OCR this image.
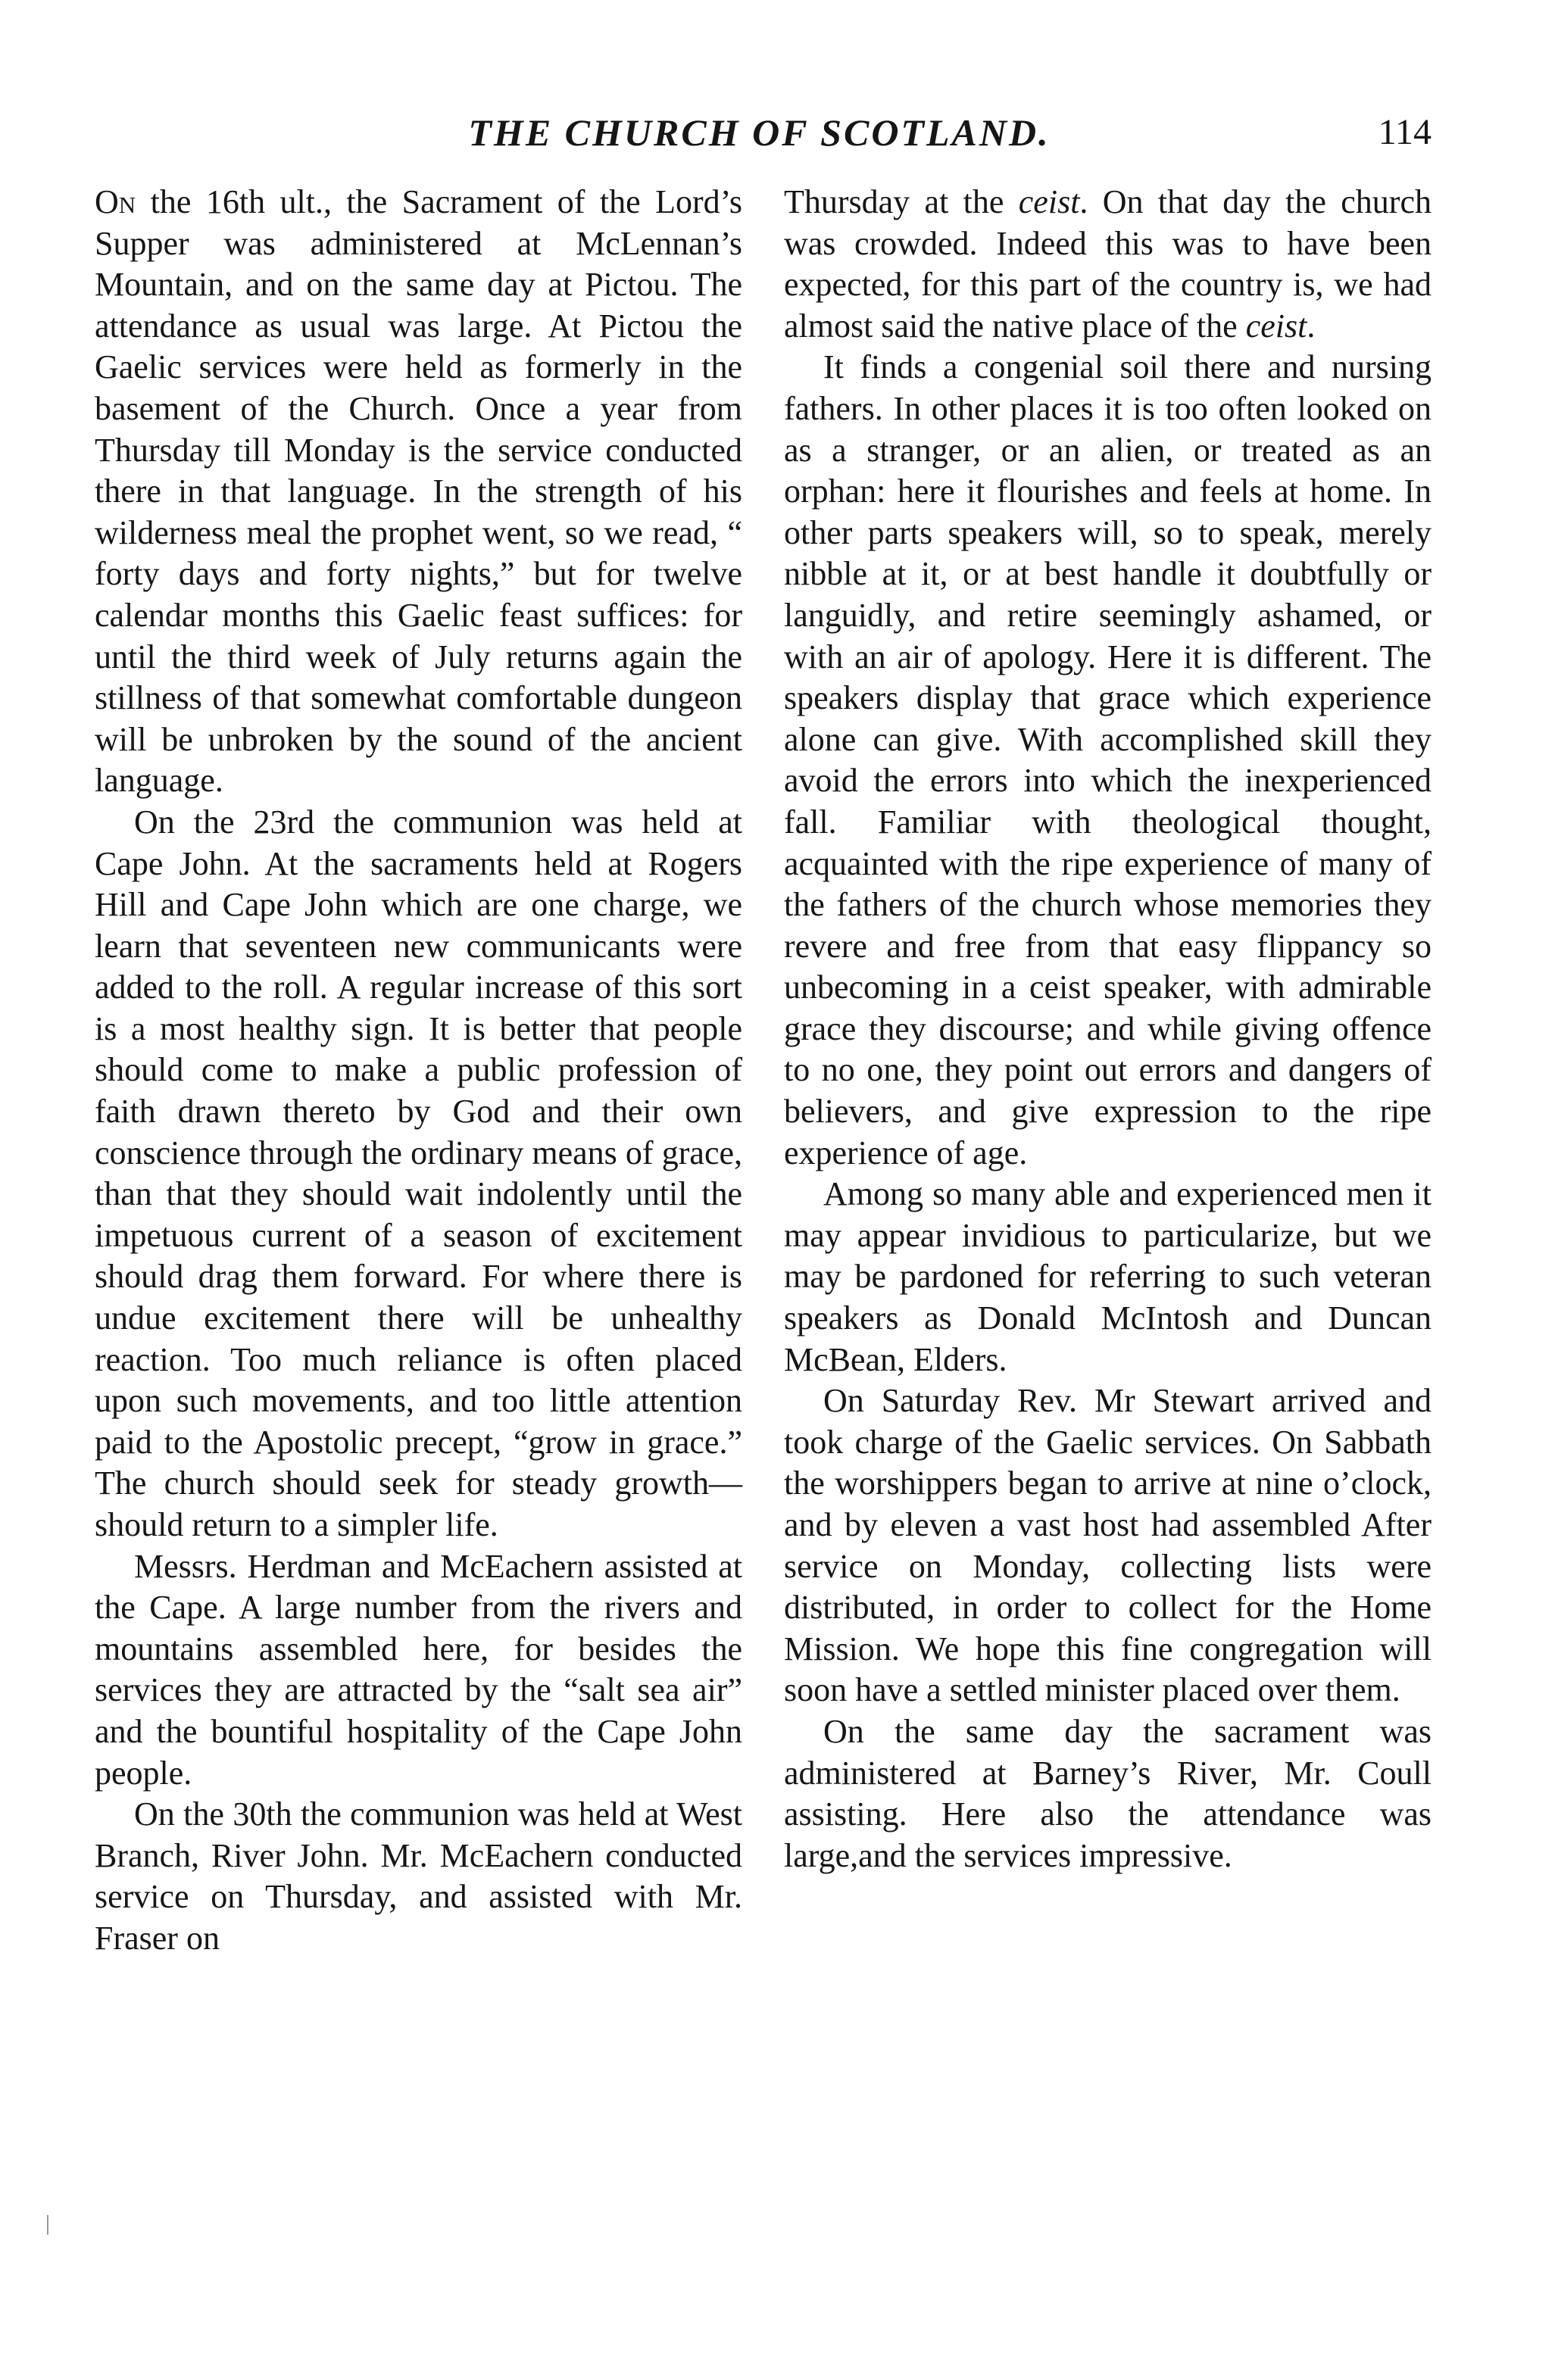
THE CHURCH OF SCOTLAND.	114

On the 16th ult., the Sacrament of the Lord’s Supper was administered at McLennan’s Mountain, and on the same day at Pictou. The attendance as usual was large. At Pictou the Gaelic services were held as formerly in the basement of the Church. Once a year from Thursday till Monday is the service conducted there in that language. In the strength of his wilderness meal the prophet went, so we read, “ forty days and forty nights,” but for twelve calendar months this Gaelic feast suffices: for until the third week of July returns again the stillness of that somewhat comfortable dungeon will be unbroken by the sound of the ancient language.

On the 23rd the communion was held at Cape John. At the sacraments held at Rogers Hill and Cape John which are one charge, we learn that seventeen new communicants were added to the roll. A regular increase of this sort is a most healthy sign. It is better that people should come to make a public profession of faith drawn thereto by God and their own conscience through the ordinary means of grace, than that they should wait indolently until the impetuous current of a season of excitement should drag them forward. For where there is undue excitement there will be unhealthy reaction. Too much reliance is often placed upon such movements, and too little attention paid to the Apostolic precept, “grow in grace.” The church should seek for steady growth—should return to a simpler life.

Messrs. Herdman and McEachern assisted at the Cape. A large number from the rivers and mountains assembled here, for besides the services they are attracted by the “salt sea air” and the bountiful hospitality of the Cape John people.

On the 30th the communion was held at West Branch, River John. Mr. McEachern conducted service on Thursday, and assisted with Mr. Fraser on

Thursday at the ceist. On that day the church was crowded. Indeed this was to have been expected, for this part of the country is, we had almost said the native place of the ceist.

It finds a congenial soil there and nursing fathers. In other places it is too often looked on as a stranger, or an alien, or treated as an orphan: here it flourishes and feels at home. In other parts speakers will, so to speak, merely nibble at it, or at best handle it doubtfully or languidly, and retire seemingly ashamed, or with an air of apology. Here it is different. The speakers display that grace which experience alone can give. With accomplished skill they avoid the errors into which the inexperienced fall. Familiar with theological thought, acquainted with the ripe experience of many of the fathers of the church whose memories they revere and free from that easy flippancy so unbecoming in a ceist speaker, with admirable grace they discourse; and while giving offence to no one, they point out errors and dangers of believers, and give expression to the ripe experience of age.

Among so many able and experienced men it may appear invidious to particularize, but we may be pardoned for referring to such veteran speakers as Donald McIntosh and Duncan McBean, Elders.

On Saturday Rev. Mr Stewart arrived and took charge of the Gaelic services. On Sabbath the worshippers began to arrive at nine o’clock, and by eleven a vast host had assembled After service on Monday, collecting lists were distributed, in order to collect for the Home Mission. We hope this fine congregation will soon have a settled minister placed over them.

On the same day the sacrament was administered at Barney’s River, Mr. Coull assisting. Here also the attendance was large,and the services impressive.
